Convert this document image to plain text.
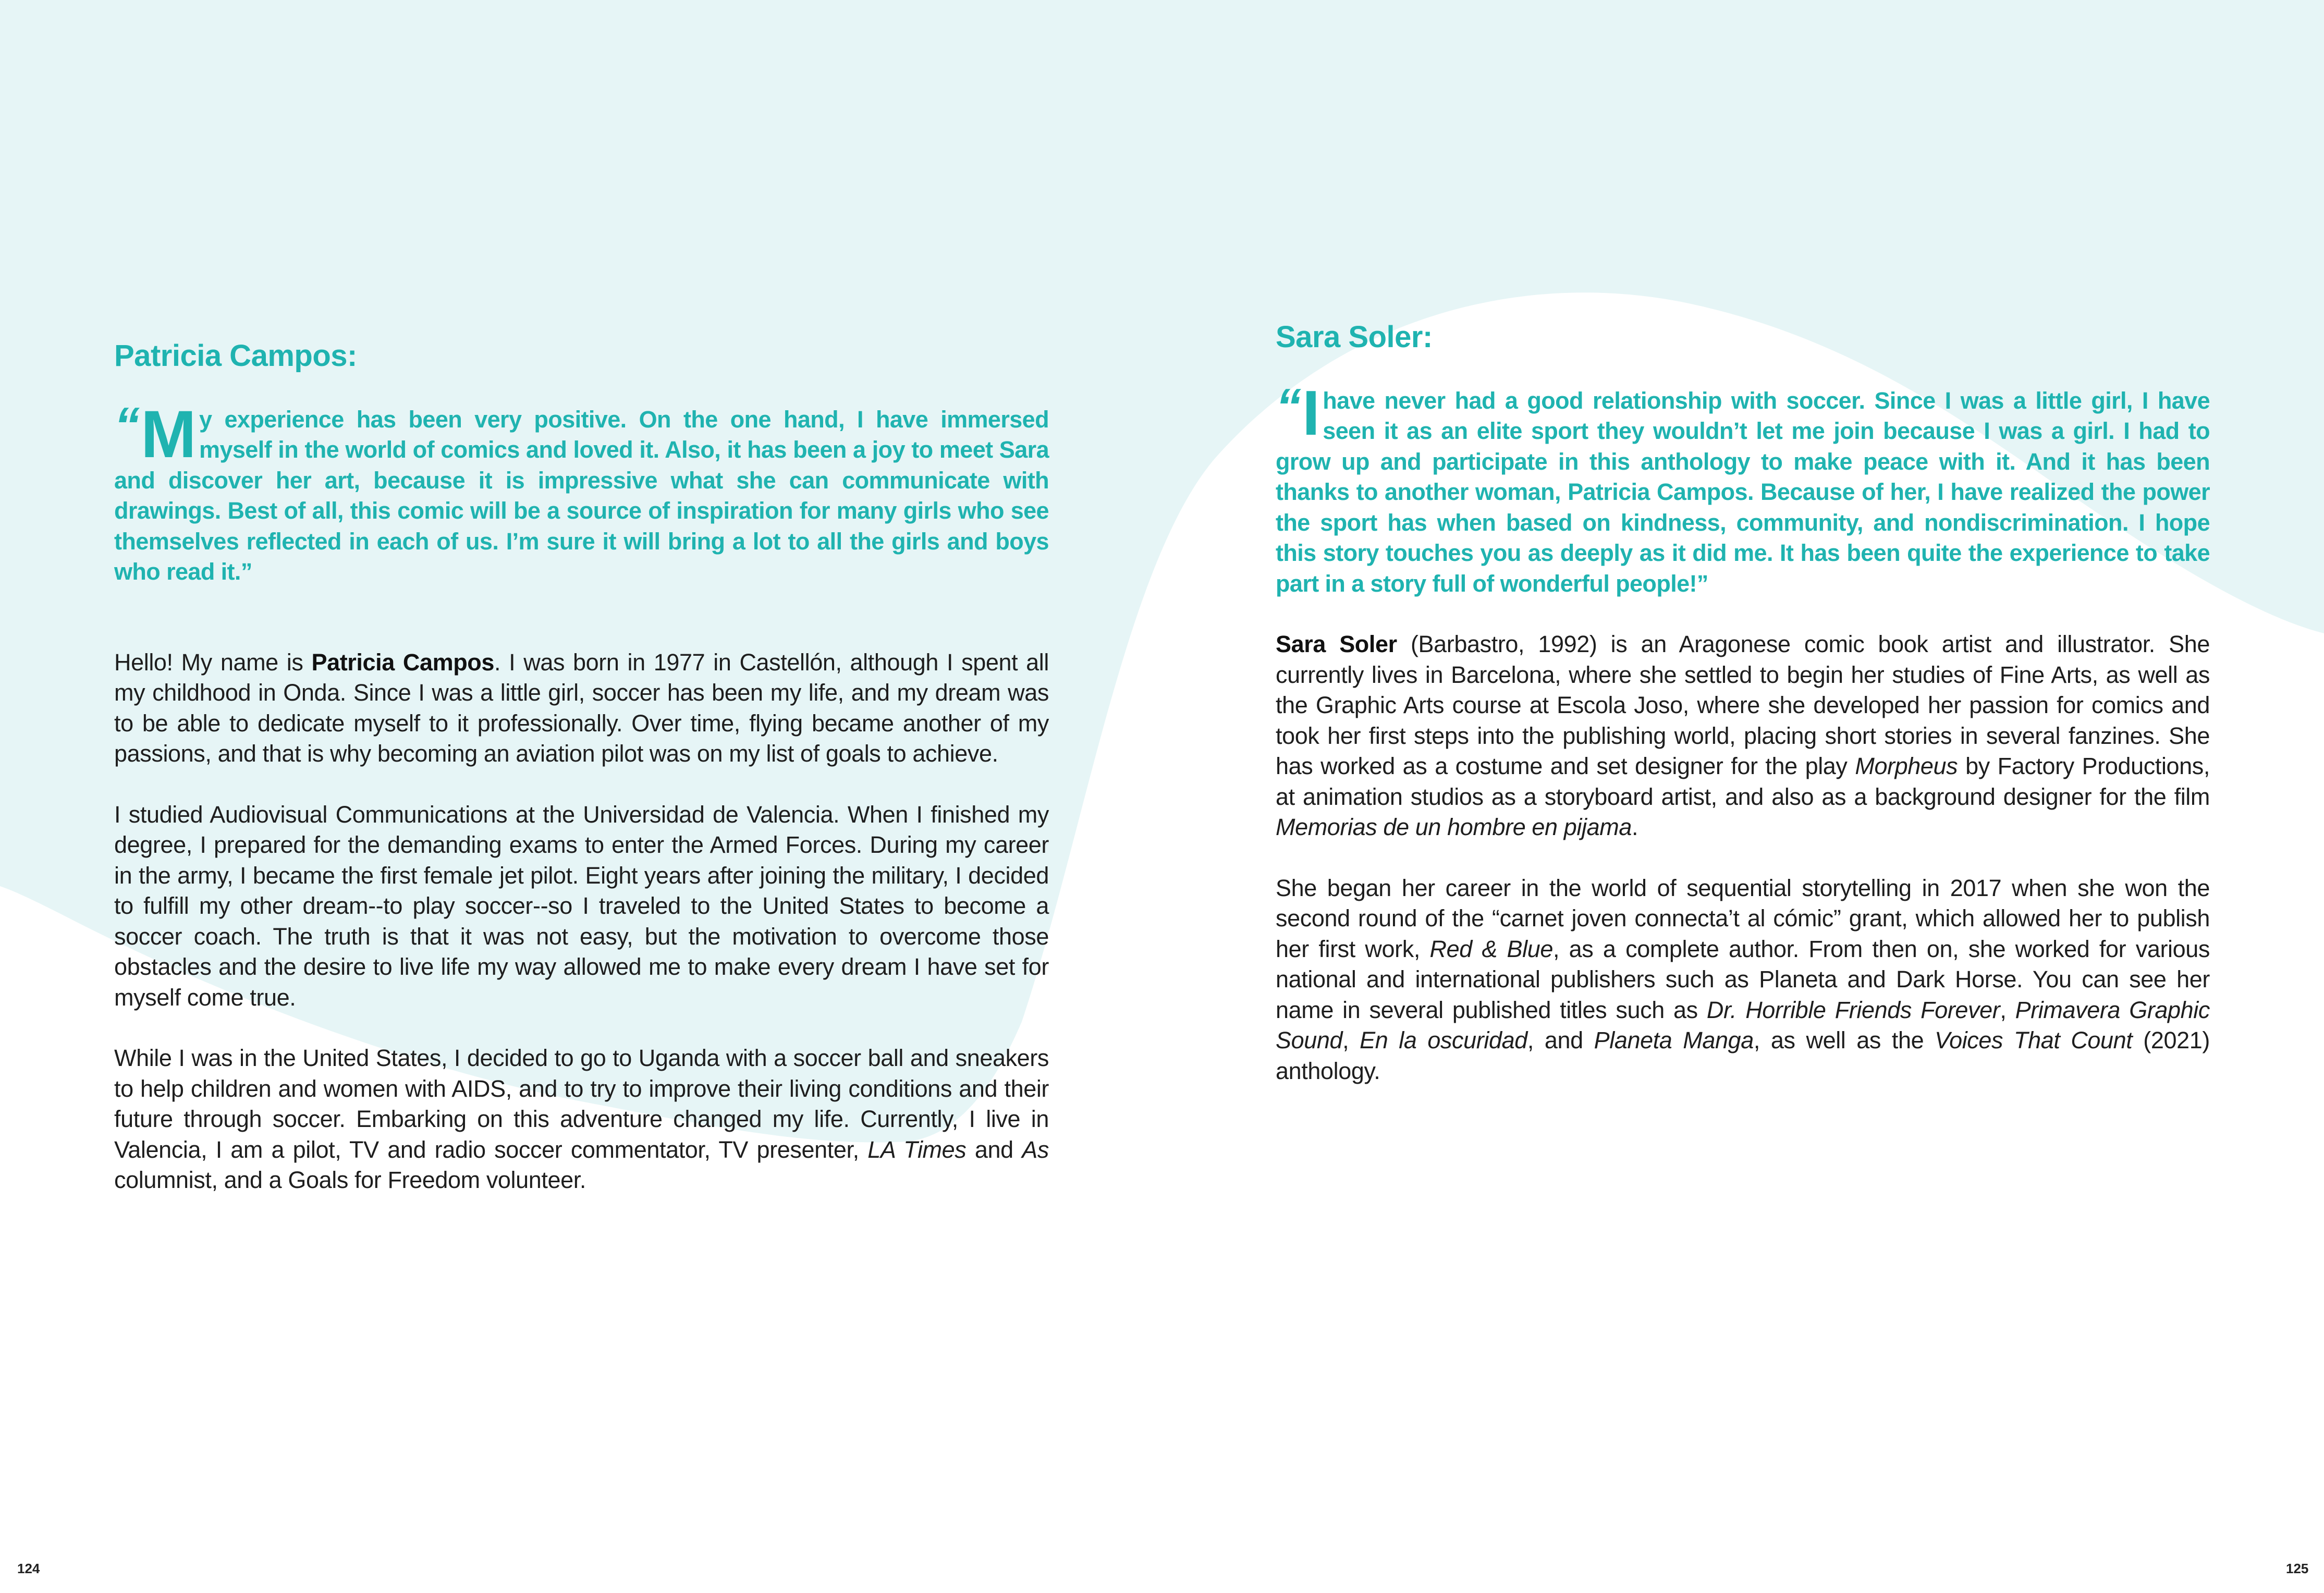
Patricia Campos:

“ M y experience has been very positive. On the one hand, I have immersed myself in the world of comics and loved it. Also, it has been a joy to meet Sara and discover her art, because it is impressive what she can communicate with drawings. Best of all, this comic will be a source of inspiration for many girls who see themselves reflected in each of us. I’m sure it will bring a lot to all the girls and boys who read it.”

Hello! My name is Patricia Campos. I was born in 1977 in Castellón, although I spent all my childhood in Onda. Since I was a little girl, soccer has been my life, and my dream was to be able to dedicate myself to it professionally. Over time, flying became another of my passions, and that is why becoming an aviation pilot was on my list of goals to achieve.

I studied Audiovisual Communications at the Universidad de Valencia. When I finished my degree, I prepared for the demanding exams to enter the Armed Forces. During my career in the army, I became the first female jet pilot. Eight years after joining the military, I decided to fulfill my other dream--to play soccer--so I traveled to the United States to become a soccer coach. The truth is that it was not easy, but the motivation to overcome those obstacles and the desire to live life my way allowed me to make every dream I have set for myself come true.

While I was in the United States, I decided to go to Uganda with a soccer ball and sneakers to help children and women with AIDS, and to try to improve their living conditions and their future through soccer. Embarking on this adventure changed my life. Currently, I live in Valencia, I am a pilot, TV and radio soccer commentator, TV presenter, LA Times and As columnist, and a Goals for Freedom volunteer.

Sara Soler:

“ I have never had a good relationship with soccer. Since I was a little girl, I have seen it as an elite sport they wouldn’t let me join because I was a girl. I had to grow up and participate in this anthology to make peace with it. And it has been thanks to another woman, Patricia Campos. Because of her, I have realized the power the sport has when based on kindness, community, and nondiscrimination. I hope this story touches you as deeply as it did me. It has been quite the experience to take part in a story full of wonderful people!”

Sara Soler (Barbastro, 1992) is an Aragonese comic book artist and illustrator. She currently lives in Barcelona, where she settled to begin her studies of Fine Arts, as well as the Graphic Arts course at Escola Joso, where she developed her passion for comics and took her first steps into the publishing world, placing short stories in several fanzines. She has worked as a costume and set designer for the play Morpheus by Factory Productions, at animation studios as a storyboard artist, and also as a background designer for the film Memorias de un hombre en pijama.

She began her career in the world of sequential storytelling in 2017 when she won the second round of the “carnet joven connecta’t al cómic” grant, which allowed her to publish her first work, Red & Blue, as a complete author. From then on, she worked for various national and international publishers such as Planeta and Dark Horse. You can see her name in several published titles such as Dr. Horrible Friends Forever, Primavera Graphic Sound, En la oscuridad, and Planeta Manga, as well as the Voices That Count (2021) anthology.

124	125
